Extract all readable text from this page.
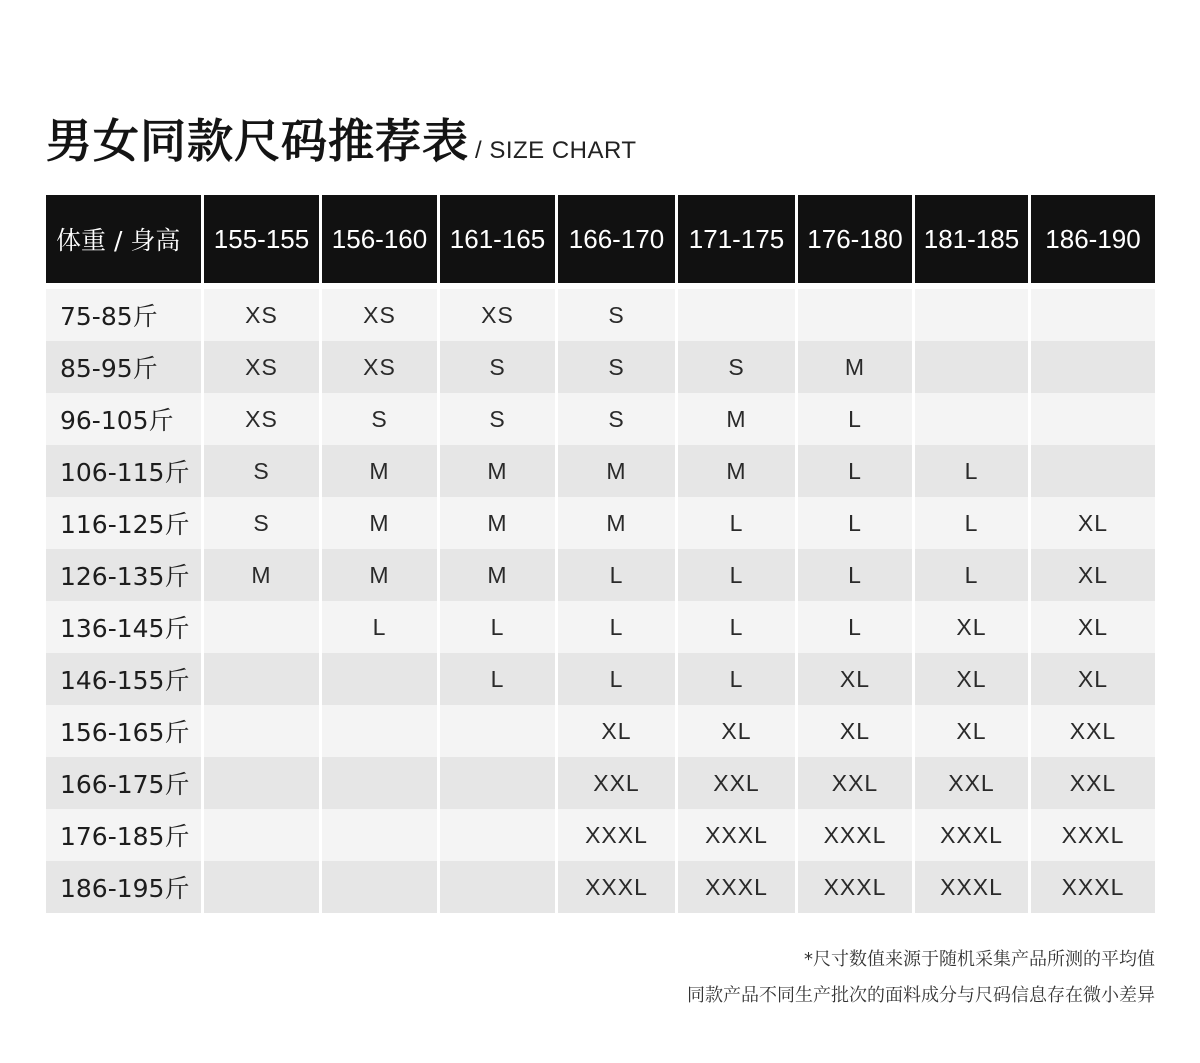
男女同款尺码推荐表 / SIZE CHART
体重 / 身高	155-155	156-160	161-165	166-170	171-175	176-180	181-185	186-190
75-85斤	XS	XS	XS	S				
85-95斤	XS	XS	S	S	S	M		
96-105斤	XS	S	S	S	M	L		
106-115斤	S	M	M	M	M	L	L	
116-125斤	S	M	M	M	L	L	L	XL
126-135斤	M	M	M	L	L	L	L	XL
136-145斤		L	L	L	L	L	XL	XL
146-155斤			L	L	L	XL	XL	XL
156-165斤				XL	XL	XL	XL	XXL
166-175斤				XXL	XXL	XXL	XXL	XXL
176-185斤				XXXL	XXXL	XXXL	XXXL	XXXL
186-195斤				XXXL	XXXL	XXXL	XXXL	XXXL
*尺寸数值来源于随机采集产品所测的平均值
同款产品不同生产批次的面料成分与尺码信息存在微小差异
